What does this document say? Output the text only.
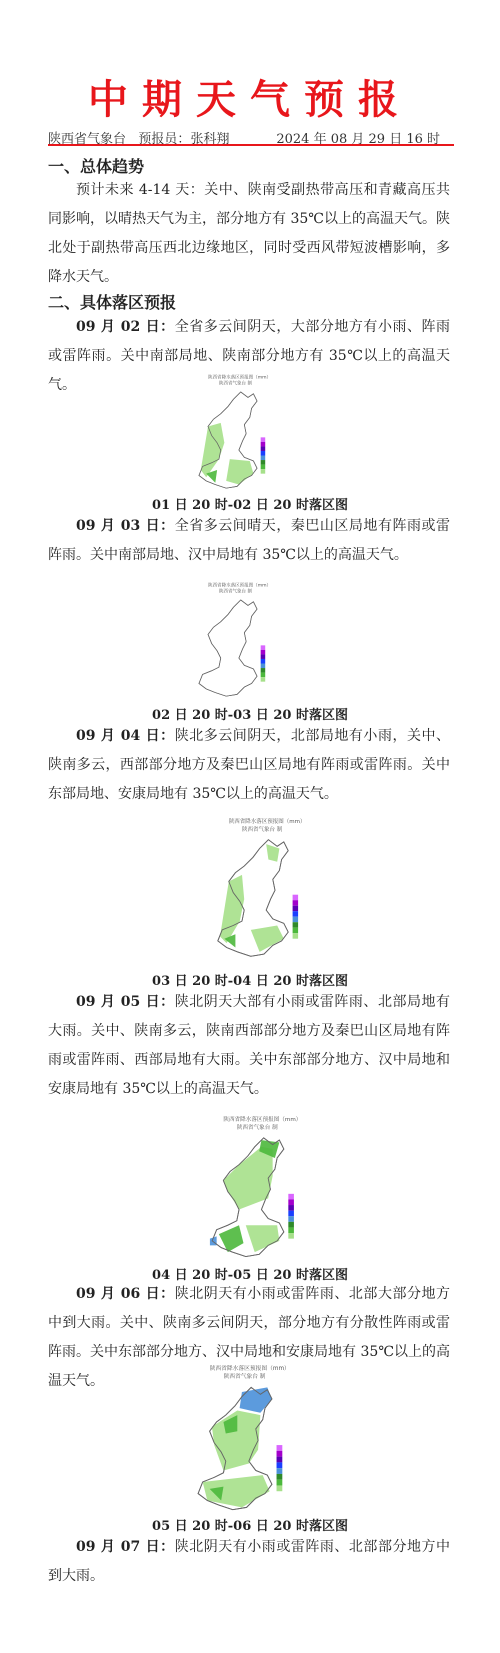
中期天气预报
陕西省气象台 预报员：张科翔	2024 年 08 月 29 日 16 时
一、总体趋势
预计未来 4-14 天：关中、陕南受副热带高压和青藏高压共同影响，以晴热天气为主，部分地方有 35℃以上的高温天气。陕北处于副热带高压西北边缘地区，同时受西风带短波槽影响，多降水天气。
二、具体落区预报
09 月 02 日：全省多云间阴天，大部分地方有小雨、阵雨或雷阵雨。关中南部局地、陕南部分地方有 35℃以上的高温天气。	陕西省降水落区预报图（mm）
陕西省气象台 制
01 日 20 时-02 日 20 时落区图
09 月 03 日：全省多云间晴天，秦巴山区局地有阵雨或雷阵雨。关中南部局地、汉中局地有 35℃以上的高温天气。
陕西省降水落区预报图（mm）
陕西省气象台 制
02 日 20 时-03 日 20 时落区图
09 月 04 日：陕北多云间阴天，北部局地有小雨，关中、陕南多云，西部部分地方及秦巴山区局地有阵雨或雷阵雨。关中东部局地、安康局地有 35℃以上的高温天气。
陕西省降水落区预报图（mm）
陕西省气象台 制
03 日 20 时-04 日 20 时落区图
09 月 05 日：陕北阴天大部有小雨或雷阵雨、北部局地有大雨。关中、陕南多云，陕南西部部分地方及秦巴山区局地有阵雨或雷阵雨、西部局地有大雨。关中东部部分地方、汉中局地和安康局地有 35℃以上的高温天气。
陕西省降水落区预报图（mm）
陕西省气象台 制
04 日 20 时-05 日 20 时落区图
09 月 06 日：陕北阴天有小雨或雷阵雨、北部大部分地方中到大雨。关中、陕南多云间阴天，部分地方有分散性阵雨或雷阵雨。关中东部部分地方、汉中局地和安康局地有 35℃以上的高温天气。
陕西省降水落区预报图（mm）
陕西省气象台 制
05 日 20 时-06 日 20 时落区图
09 月 07 日：陕北阴天有小雨或雷阵雨、北部部分地方中到大雨。
